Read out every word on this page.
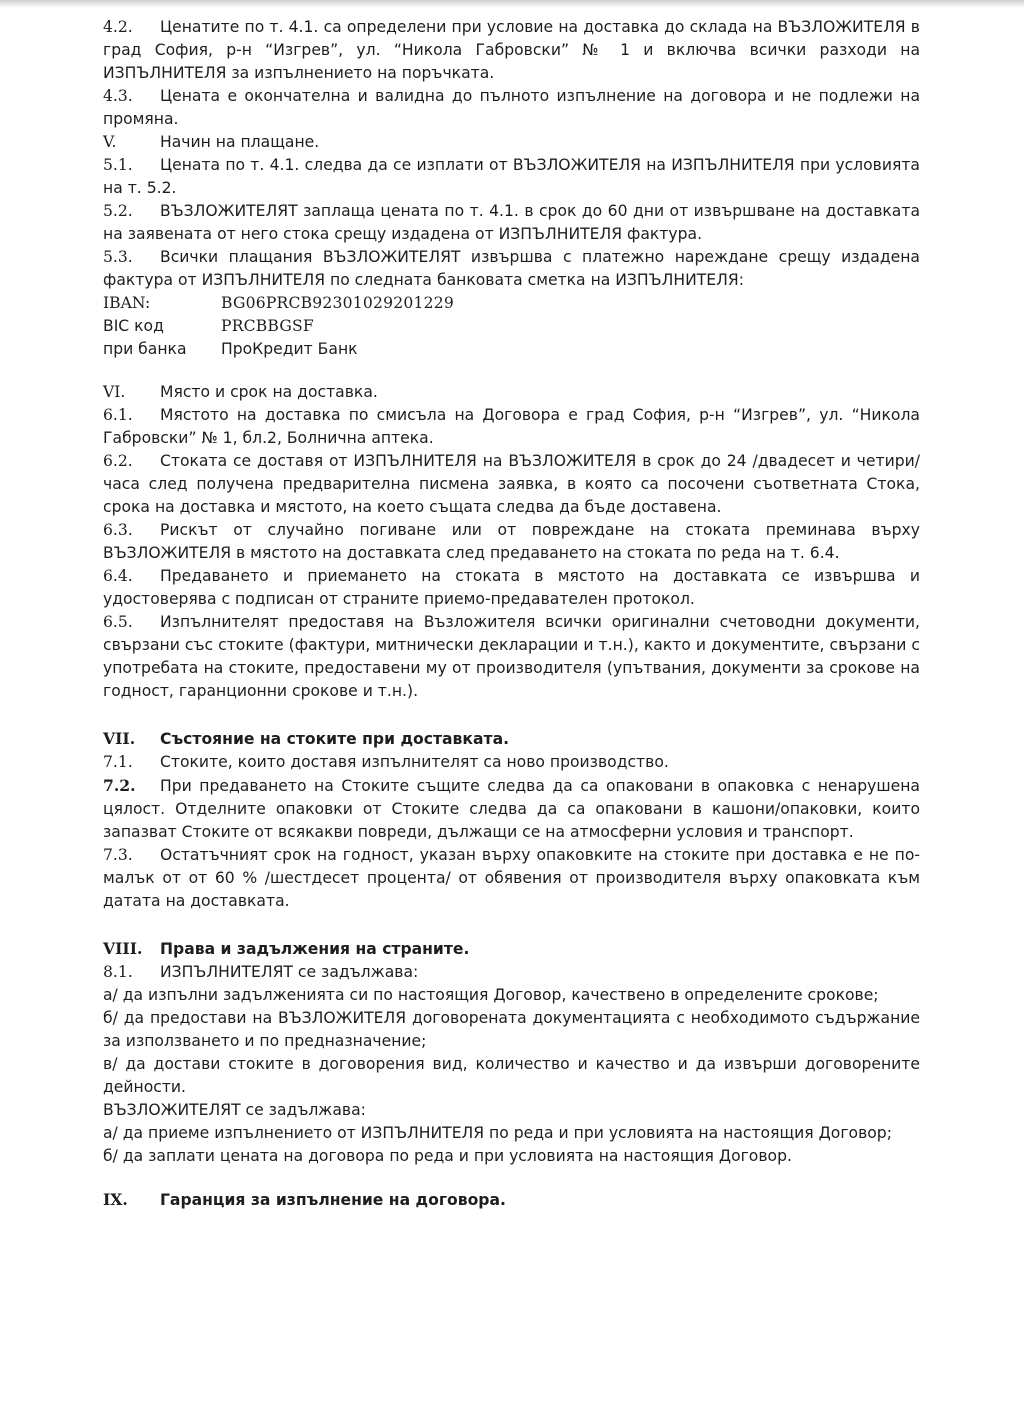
4.2. Ценатите по т. 4.1. са определени при условие на доставка до склада на ВЪЗЛОЖИТЕЛЯ в град София, р-н “Изгрев”, ул. “Никола Габровски” № 1 и включва всички разходи на ИЗПЪЛНИТЕЛЯ за изпълнението на поръчката.

4.3. Цената е окончателна и валидна до пълното изпълнение на договора и не подлежи на промяна.

V.	Начин на плащане.

5.1. Цената по т. 4.1. следва да се изплати от ВЪЗЛОЖИТЕЛЯ на ИЗПЪЛНИТЕЛЯ при условията на т. 5.2.

5.2. ВЪЗЛОЖИТЕЛЯТ заплаща цената по т. 4.1. в срок до 60 дни от извършване на доставката на заявената от него стока срещу издадена от ИЗПЪЛНИТЕЛЯ фактура.

5.3. Всички плащания ВЪЗЛОЖИТЕЛЯТ извършва с платежно нареждане срещу издадена фактура от ИЗПЪЛНИТЕЛЯ по следната банковата сметка на ИЗПЪЛНИТЕЛЯ:

IBAN:	BG06PRCB92301029201229
BIC код	PRCBBGSF
при банка	ПроКредит Банк

VI. Място и срок на доставка.

6.1. Мястото на доставка по смисъла на Договора е град София, р-н “Изгрев”, ул. “Никола Габровски” № 1, бл.2, Болнична аптека.

6.2. Стоката се доставя от ИЗПЪЛНИТЕЛЯ на ВЪЗЛОЖИТЕЛЯ в срок до 24 /двадесет и четири/часа след получена предварителна писмена заявка, в която са посочени съответната Стока, срока на доставка и мястото, на което същата следва да бъде доставена.

6.3. Рискът от случайно погиване или от повреждане на стоката преминава върху ВЪЗЛОЖИТЕЛЯ в мястото на доставката след предаването на стоката по реда на т. 6.4.

6.4. Предаването и приемането на стоката в мястото на доставката се извършва и удостоверява с подписан от страните приемо-предавателен протокол.

6.5. Изпълнителят предоставя на Възложителя всички оригинални счетоводни документи, свързани със стоките (фактури, митнически декларации и т.н.), както и документите, свързани с употребата на стоките, предоставени му от производителя (упътвания, документи за срокове на годност, гаранционни срокове и т.н.).

VII. Състояние на стоките при доставката.

7.1. Стоките, които доставя изпълнителят са ново производство.

7.2. При предаването на Стоките същите следва да са опаковани в опаковка с ненарушена цялост. Отделните опаковки от Стоките следва да са опаковани в кашони/опаковки, които запазват Стоките от всякакви повреди, дължащи се на атмосферни условия и транспорт.

7.3. Остатъчният срок на годност, указан върху опаковките на стоките при доставка е не по-малък от от 60 % /шестдесет процента/ от обявения от производителя върху опаковката към датата на доставката.

VIII. Права и задължения на страните.

8.1. ИЗПЪЛНИТЕЛЯТ се задължава:

а/ да изпълни задълженията си по настоящия Договор, качествено в определените срокове;

б/ да предостави на ВЪЗЛОЖИТЕЛЯ договорената документацията с необходимото съдържание за използването и по предназначение;

в/ да достави стоките в договорения вид, количество и качество и да извърши договорените дейности.

ВЪЗЛОЖИТЕЛЯТ се задължава:

а/ да приеме изпълнението от ИЗПЪЛНИТЕЛЯ по реда и при условията на настоящия Договор;

б/ да заплати цената на договора по реда и при условията на настоящия Договор.

IX. Гаранция за изпълнение на договора.
